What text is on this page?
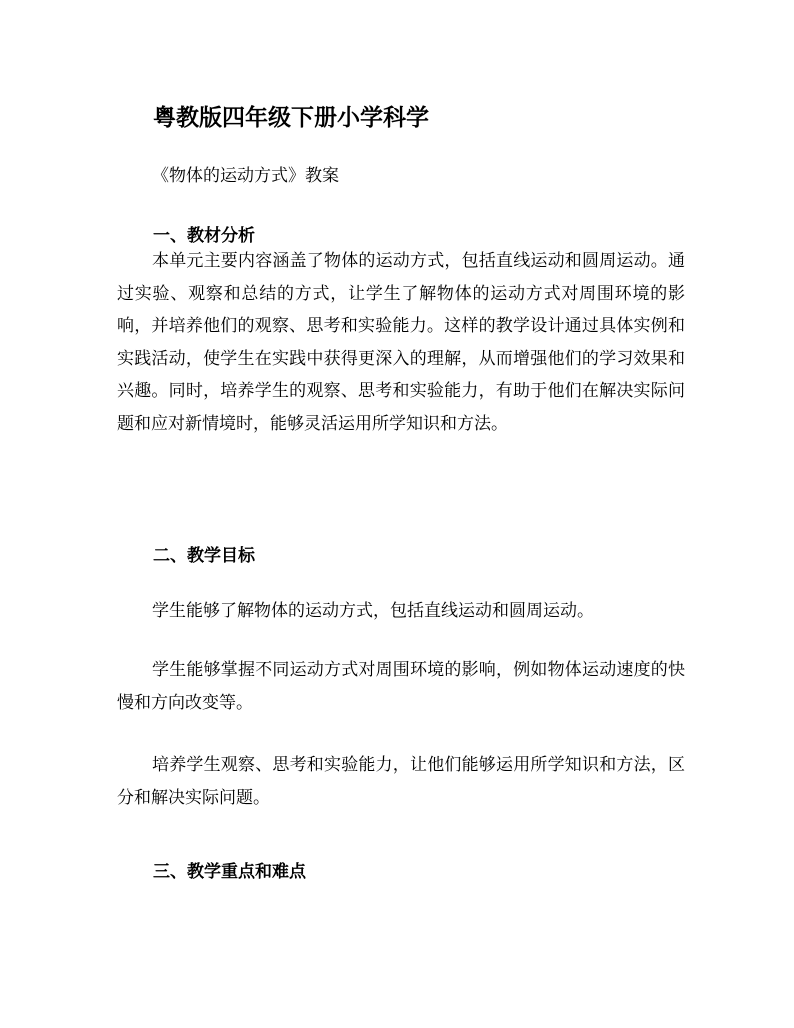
粤教版四年级下册小学科学
《物体的运动方式》教案
一、教材分析

本单元主要内容涵盖了物体的运动方式，包括直线运动和圆周运动。通过实验、观察和总结的方式，让学生了解物体的运动方式对周围环境的影响，并培养他们的观察、思考和实验能力。这样的教学设计通过具体实例和实践活动，使学生在实践中获得更深入的理解，从而增强他们的学习效果和兴趣。同时，培养学生的观察、思考和实验能力，有助于他们在解决实际问题和应对新情境时，能够灵活运用所学知识和方法。

二、教学目标

学生能够了解物体的运动方式，包括直线运动和圆周运动。

学生能够掌握不同运动方式对周围环境的影响，例如物体运动速度的快慢和方向改变等。

培养学生观察、思考和实验能力，让他们能够运用所学知识和方法，区分和解决实际问题。

三、教学重点和难点
